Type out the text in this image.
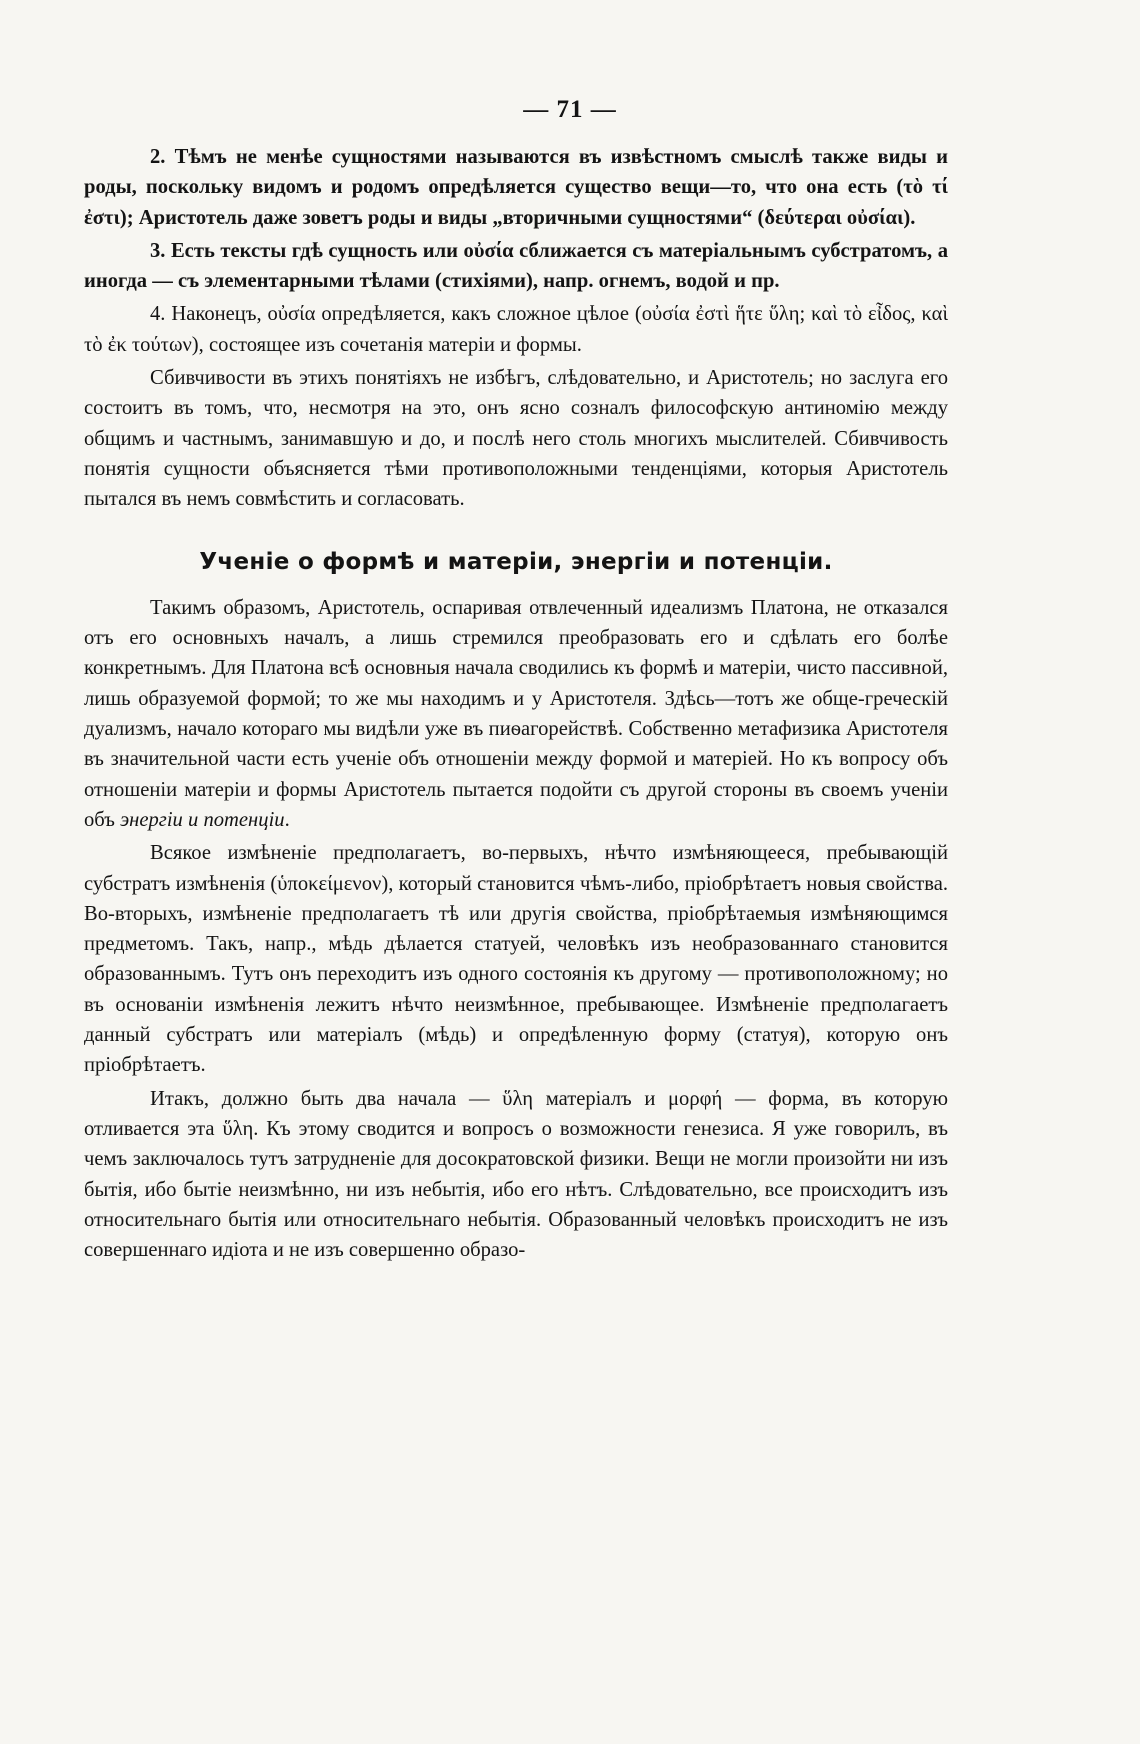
— 71 —

2. Тѣмъ не менѣе сущностями называются въ извѣстномъ смыслѣ также виды и роды, поскольку видомъ и родомъ опредѣляется существо вещи—то, что она есть (τὸ τί ἐστι); Аристотель даже зоветъ роды и виды „вторичными сущностями“ (δεύτεραι οὐσίαι).

3. Есть тексты гдѣ сущность или οὐσία сближается съ матеріальнымъ субстратомъ, а иногда — съ элементарными тѣлами (стихіями), напр. огнемъ, водой и пр.

4. Наконецъ, οὐσία опредѣляется, какъ сложное цѣлое (οὐσία ἐστὶ ἥτε ὕλη; καὶ τὸ εἶδος, καὶ τὸ ἐκ τούτων), состоящее изъ сочетанія матеріи и формы.

Сбивчивости въ этихъ понятіяхъ не избѣгъ, слѣдовательно, и Аристотель; но заслуга его состоитъ въ томъ, что, несмотря на это, онъ ясно созналъ философскую антиномію между общимъ и частнымъ, занимавшую и до, и послѣ него столь многихъ мыслителей. Сбивчивость понятія сущности объясняется тѣми противоположными тенденціями, которыя Аристотель пытался въ немъ совмѣстить и согласовать.

Ученіе о формѣ и матеріи, энергіи и потенціи.

Такимъ образомъ, Аристотель, оспаривая отвлеченный идеализмъ Платона, не отказался отъ его основныхъ началъ, а лишь стремился преобразовать его и сдѣлать его болѣе конкретнымъ. Для Платона всѣ основныя начала сводились къ формѣ и матеріи, чисто пассивной, лишь образуемой формой; то же мы находимъ и у Аристотеля. Здѣсь—тотъ же обще-греческій дуализмъ, начало котораго мы видѣли уже въ пиѳагорействѣ. Собственно метафизика Аристотеля въ значительной части есть ученіе объ отношеніи между формой и матеріей. Но къ вопросу объ отношеніи матеріи и формы Аристотель пытается подойти съ другой стороны въ своемъ ученіи объ энергіи и потенціи.

Всякое измѣненіе предполагаетъ, во-первыхъ, нѣчто измѣняющееся, пребывающій субстратъ измѣненія (ὑποκείμενον), который становится чѣмъ-либо, пріобрѣтаетъ новыя свойства. Во-вторыхъ, измѣненіе предполагаетъ тѣ или другія свойства, пріобрѣтаемыя измѣняющимся предметомъ. Такъ, напр., мѣдь дѣлается статуей, человѣкъ изъ необразованнаго становится образованнымъ. Тутъ онъ переходитъ изъ одного состоянія къ другому — противоположному; но въ основаніи измѣненія лежитъ нѣчто неизмѣнное, пребывающее. Измѣненіе предполагаетъ данный субстратъ или матеріалъ (мѣдь) и опредѣленную форму (статуя), которую онъ пріобрѣтаетъ.

Итакъ, должно быть два начала — ὕλη матеріалъ и μορφή — форма, въ которую отливается эта ὕλη. Къ этому сводится и вопросъ о возможности генезиса. Я уже говорилъ, въ чемъ заключалось тутъ затрудненіе для досократовской физики. Вещи не могли произойти ни изъ бытія, ибо бытіе неизмѣнно, ни изъ небытія, ибо его нѣтъ. Слѣдовательно, все происходитъ изъ относительнаго бытія или относительнаго небытія. Образованный человѣкъ происходитъ не изъ совершеннаго идіота и не изъ совершенно образо-
